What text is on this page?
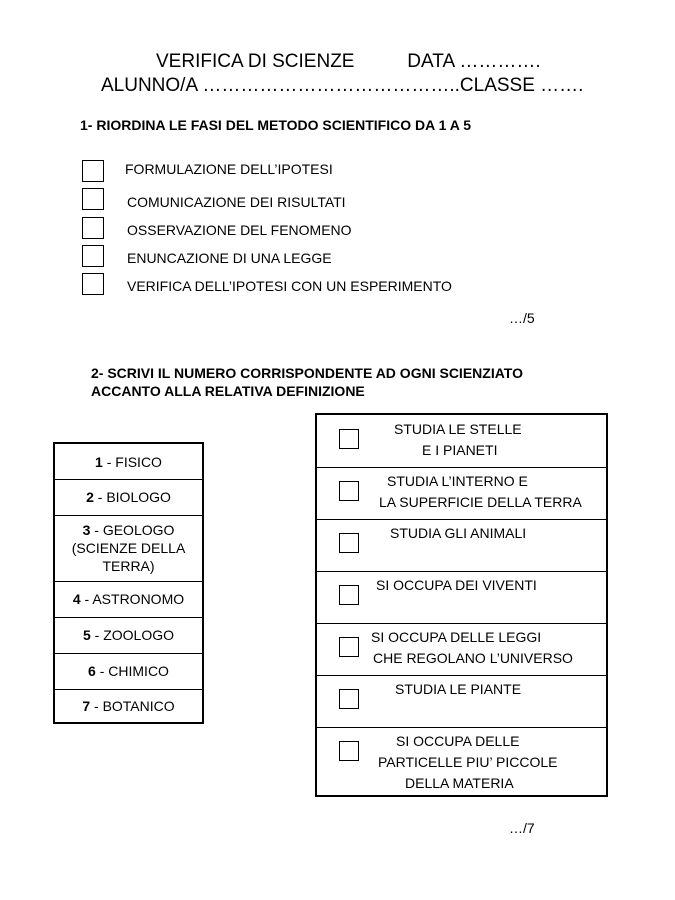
VERIFICA DI SCIENZE          DATA ………….
ALUNNO/A …………………………………..CLASSE …….
1- RIORDINA LE FASI DEL METODO SCIENTIFICO DA 1 A 5
FORMULAZIONE DELL’IPOTESI
COMUNICAZIONE DEI RISULTATI
OSSERVAZIONE DEL FENOMENO
ENUNCAZIONE DI UNA LEGGE
VERIFICA DELL’IPOTESI CON UN ESPERIMENTO
…/5
2- SCRIVI IL NUMERO CORRISPONDENTE AD OGNI SCIENZIATO
ACCANTO ALLA RELATIVA DEFINIZIONE
1 - FISICO
2 - BIOLOGO
3 - GEOLOGO
(SCIENZE DELLA
TERRA)
4 - ASTRONOMO
5 - ZOOLOGO
6 - CHIMICO
7 - BOTANICO
STUDIA LE STELLE
E I PIANETI
STUDIA L’INTERNO E
LA SUPERFICIE DELLA TERRA
STUDIA GLI ANIMALI
SI OCCUPA DEI VIVENTI
SI OCCUPA DELLE LEGGI
CHE REGOLANO L’UNIVERSO
STUDIA LE PIANTE
SI OCCUPA DELLE
PARTICELLE PIU’ PICCOLE
DELLA MATERIA
…/7
